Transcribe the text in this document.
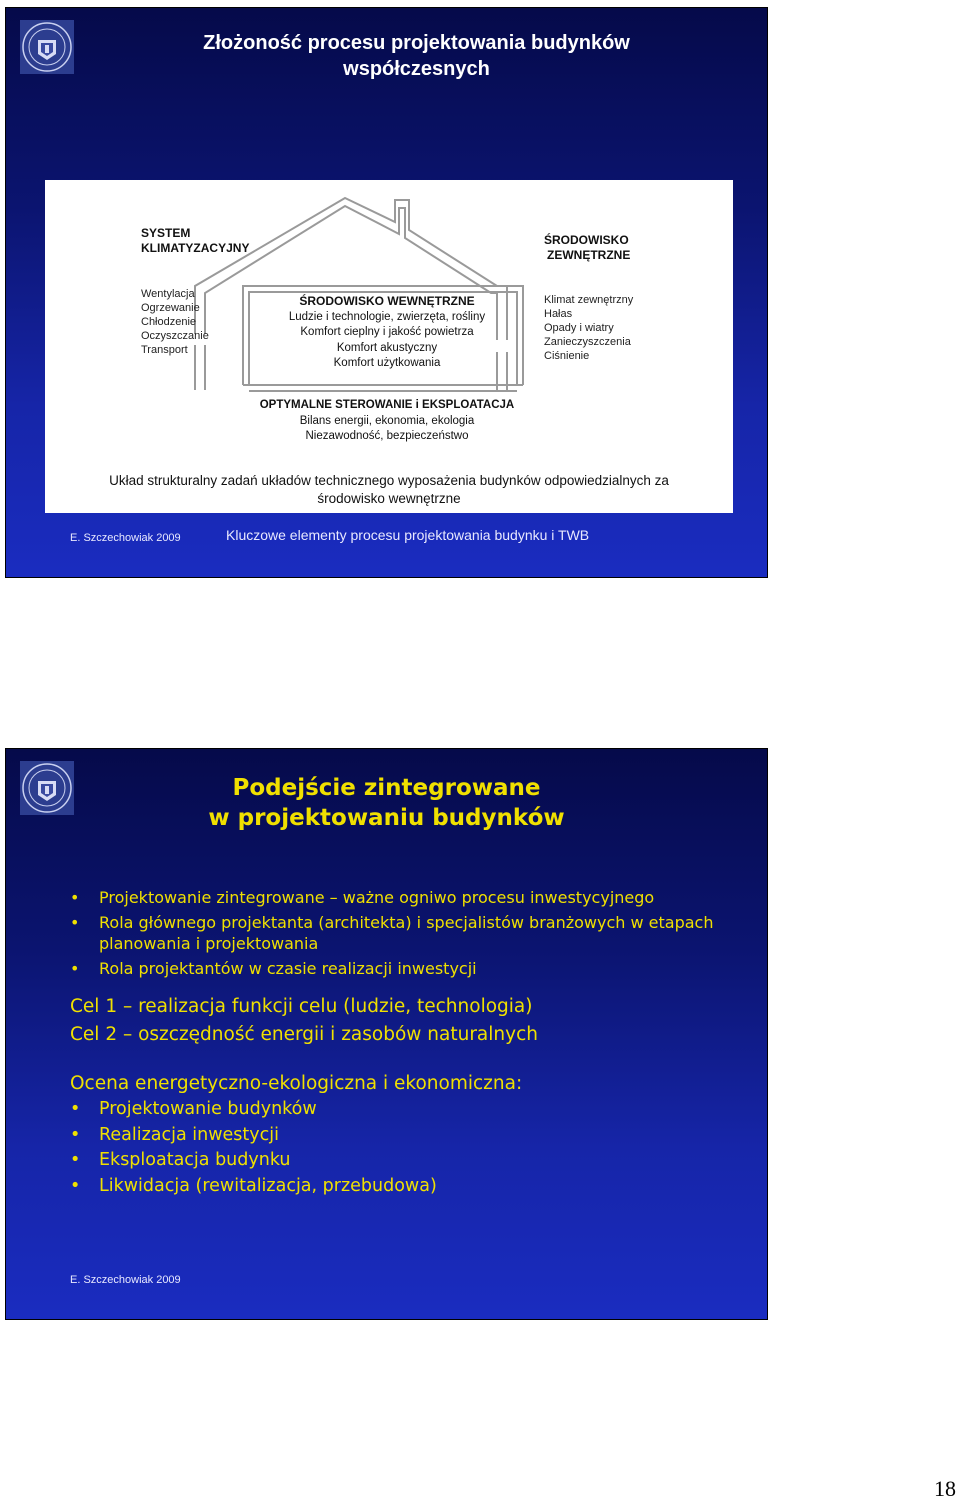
Złożoność procesu projektowania budynków
współczesnych
SYSTEM
KLIMATYZACYJNY
Wentylacja
Ogrzewanie
Chłodzenie
Oczyszczanie
Transport
ŚRODOWISKO WEWNĘTRZNE
Ludzie i technologie, zwierzęta, rośliny
Komfort cieplny i jakość powietrza
Komfort akustyczny
Komfort użytkowania
ŚRODOWISKO
ZEWNĘTRZNE
Klimat zewnętrzny
Hałas
Opady i wiatry
Zanieczyszczenia
Ciśnienie
OPTYMALNE STEROWANIE i EKSPLOATACJA
Bilans energii, ekonomia, ekologia
Niezawodność, bezpieczeństwo
Układ strukturalny zadań układów technicznego wyposażenia budynków odpowiedzialnych za
środowisko wewnętrzne
E. Szczechowiak 2009	Kluczowe elementy procesu projektowania budynku i TWB
Podejście zintegrowane
w projektowaniu budynków
• Projektowanie zintegrowane – ważne ogniwo procesu inwestycyjnego
• Rola głównego projektanta (architekta) i specjalistów branżowych w etapach planowania i projektowania
• Rola projektantów w czasie realizacji inwestycji
Cel 1 – realizacja funkcji celu (ludzie, technologia)
Cel 2 – oszczędność energii i zasobów naturalnych
Ocena energetyczno-ekologiczna i ekonomiczna:
• Projektowanie budynków
• Realizacja inwestycji
• Eksploatacja budynku
• Likwidacja (rewitalizacja, przebudowa)
E. Szczechowiak 2009
18
